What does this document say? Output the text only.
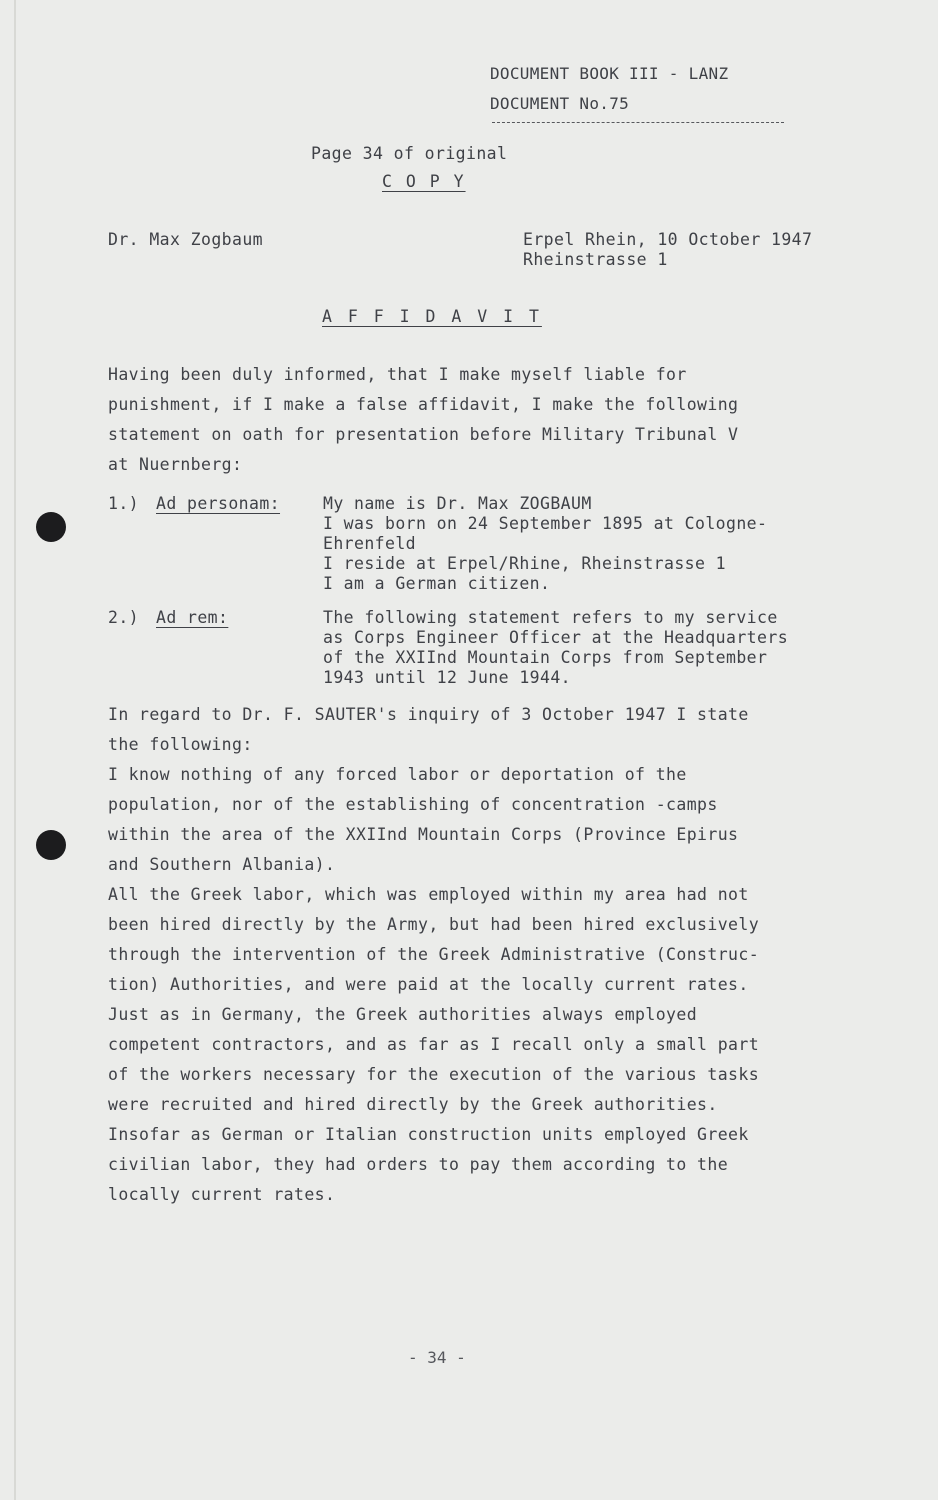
DOCUMENT BOOK III - LANZ
DOCUMENT No.75
Page 34 of original
C O P Y
Dr. Max Zogbaum	Erpel Rhein, 10 October 1947
Rheinstrasse 1
A F F I D A V I T
Having been duly informed, that I make myself liable for
punishment, if I make a false affidavit, I make the following
statement on oath for presentation before Military Tribunal V
at Nuernberg:
1.) Ad personam:	My name is Dr. Max ZOGBAUM
I was born on 24 September 1895 at Cologne-
Ehrenfeld
I reside at Erpel/Rhine, Rheinstrasse 1
I am a German citizen.
2.) Ad rem:	The following statement refers to my service
as Corps Engineer Officer at the Headquarters
of the XXIInd Mountain Corps from September
1943 until 12 June 1944.
In regard to Dr. F. SAUTER's inquiry of 3 October 1947 I state
the following:
I know nothing of any forced labor or deportation of the
population, nor of the establishing of concentration -camps
within the area of the XXIInd Mountain Corps (Province Epirus
and Southern Albania).
All the Greek labor, which was employed within my area had not
been hired directly by the Army, but had been hired exclusively
through the intervention of the Greek Administrative (Construc-
tion) Authorities, and were paid at the locally current rates.
Just as in Germany, the Greek authorities always employed
competent contractors, and as far as I recall only a small part
of the workers necessary for the execution of the various tasks
were recruited and hired directly by the Greek authorities.
Insofar as German or Italian construction units employed Greek
civilian labor, they had orders to pay them according to the
locally current rates.
- 34 -
